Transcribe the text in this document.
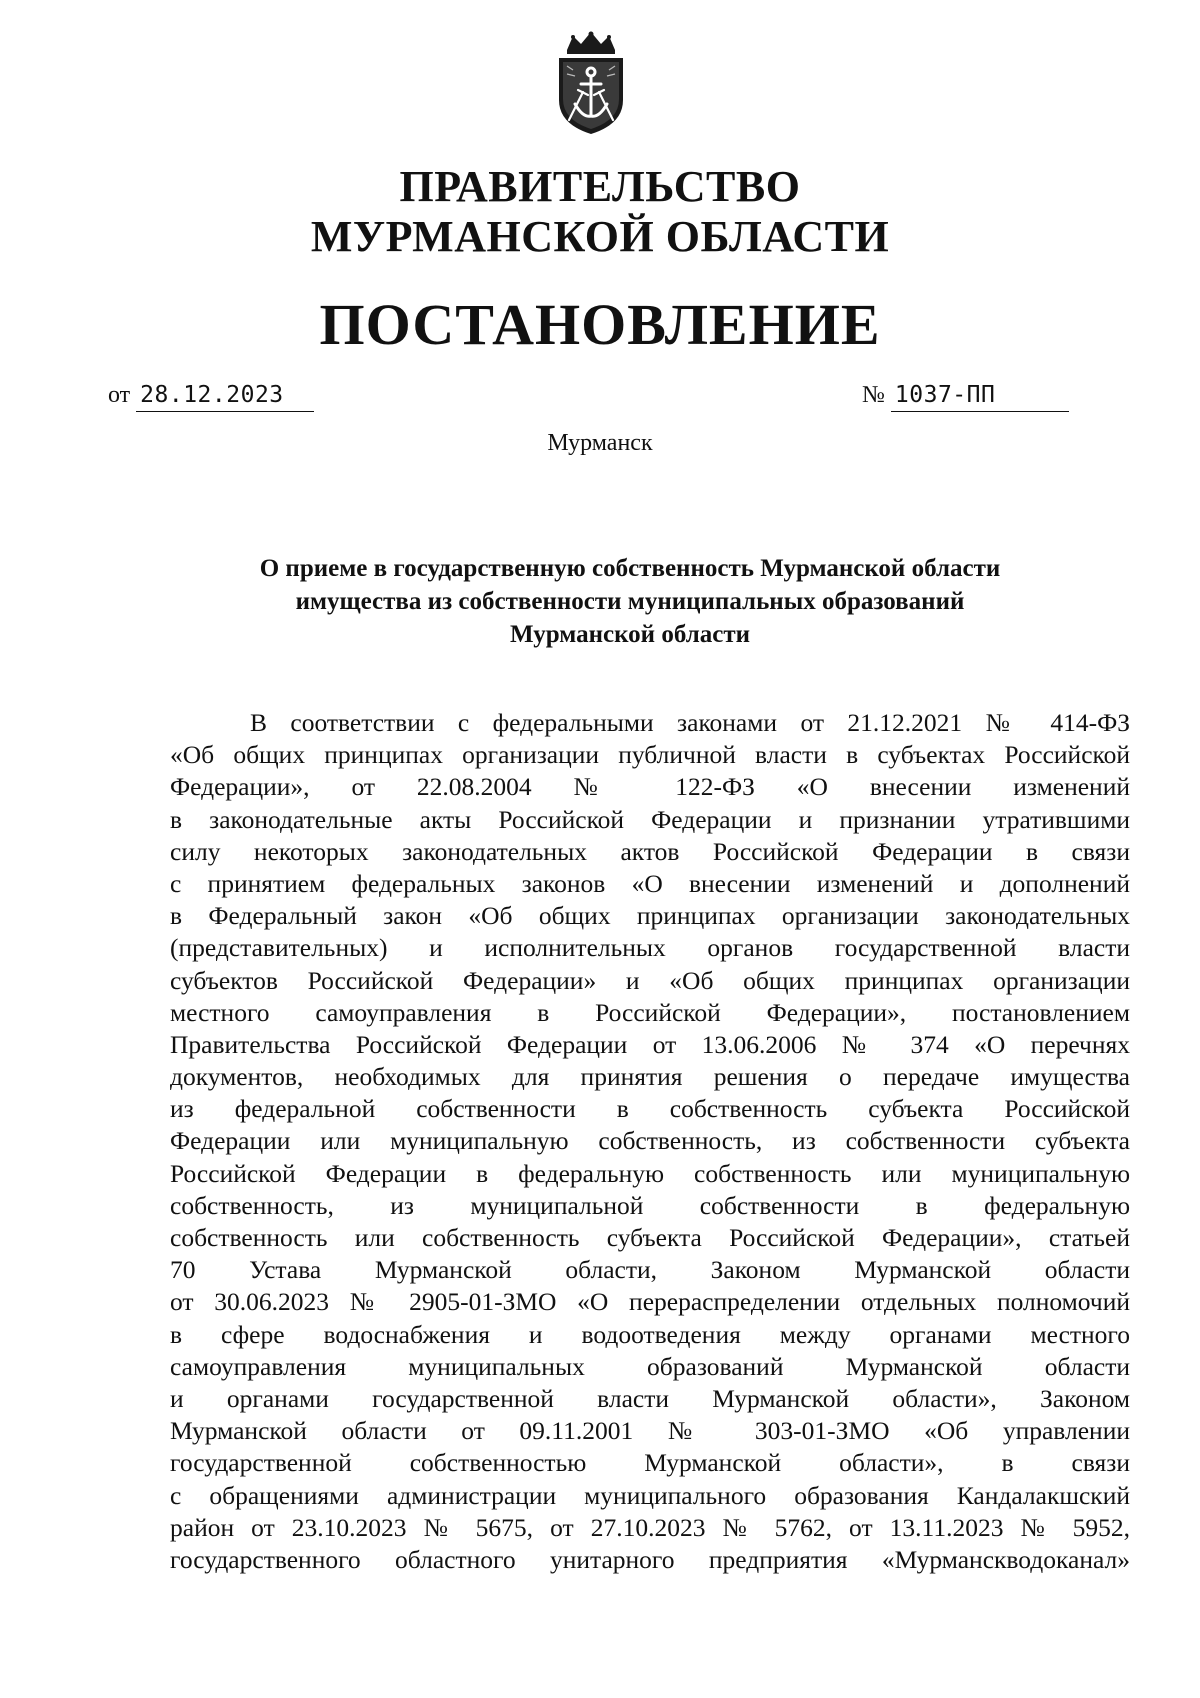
ПРАВИТЕЛЬСТВО
МУРМАНСКОЙ ОБЛАСТИ
ПОСТАНОВЛЕНИЕ
от 28.12.2023	№ 1037-ПП
Мурманск
О приеме в государственную собственность Мурманской области
имущества из собственности муниципальных образований
Мурманской области
В соответствии с федеральными законами от 21.12.2021 № 414-ФЗ
«Об общих принципах организации публичной власти в субъектах Российской
Федерации», от 22.08.2004 № 122-ФЗ «О внесении изменений
в законодательные акты Российской Федерации и признании утратившими
силу некоторых законодательных актов Российской Федерации в связи
с принятием федеральных законов «О внесении изменений и дополнений
в Федеральный закон «Об общих принципах организации законодательных
(представительных) и исполнительных органов государственной власти
субъектов Российской Федерации» и «Об общих принципах организации
местного самоуправления в Российской Федерации», постановлением
Правительства Российской Федерации от 13.06.2006 № 374 «О перечнях
документов, необходимых для принятия решения о передаче имущества
из федеральной собственности в собственность субъекта Российской
Федерации или муниципальную собственность, из собственности субъекта
Российской Федерации в федеральную собственность или муниципальную
собственность, из муниципальной собственности в федеральную
собственность или собственность субъекта Российской Федерации», статьей
70 Устава Мурманской области, Законом Мурманской области
от 30.06.2023 № 2905-01-ЗМО «О перераспределении отдельных полномочий
в сфере водоснабжения и водоотведения между органами местного
самоуправления муниципальных образований Мурманской области
и органами государственной власти Мурманской области», Законом
Мурманской области от 09.11.2001 № 303-01-ЗМО «Об управлении
государственной собственностью Мурманской области», в связи
с обращениями администрации муниципального образования Кандалакшский
район от 23.10.2023 № 5675, от 27.10.2023 № 5762, от 13.11.2023 № 5952,
государственного областного унитарного предприятия «Мурманскводоканал»
